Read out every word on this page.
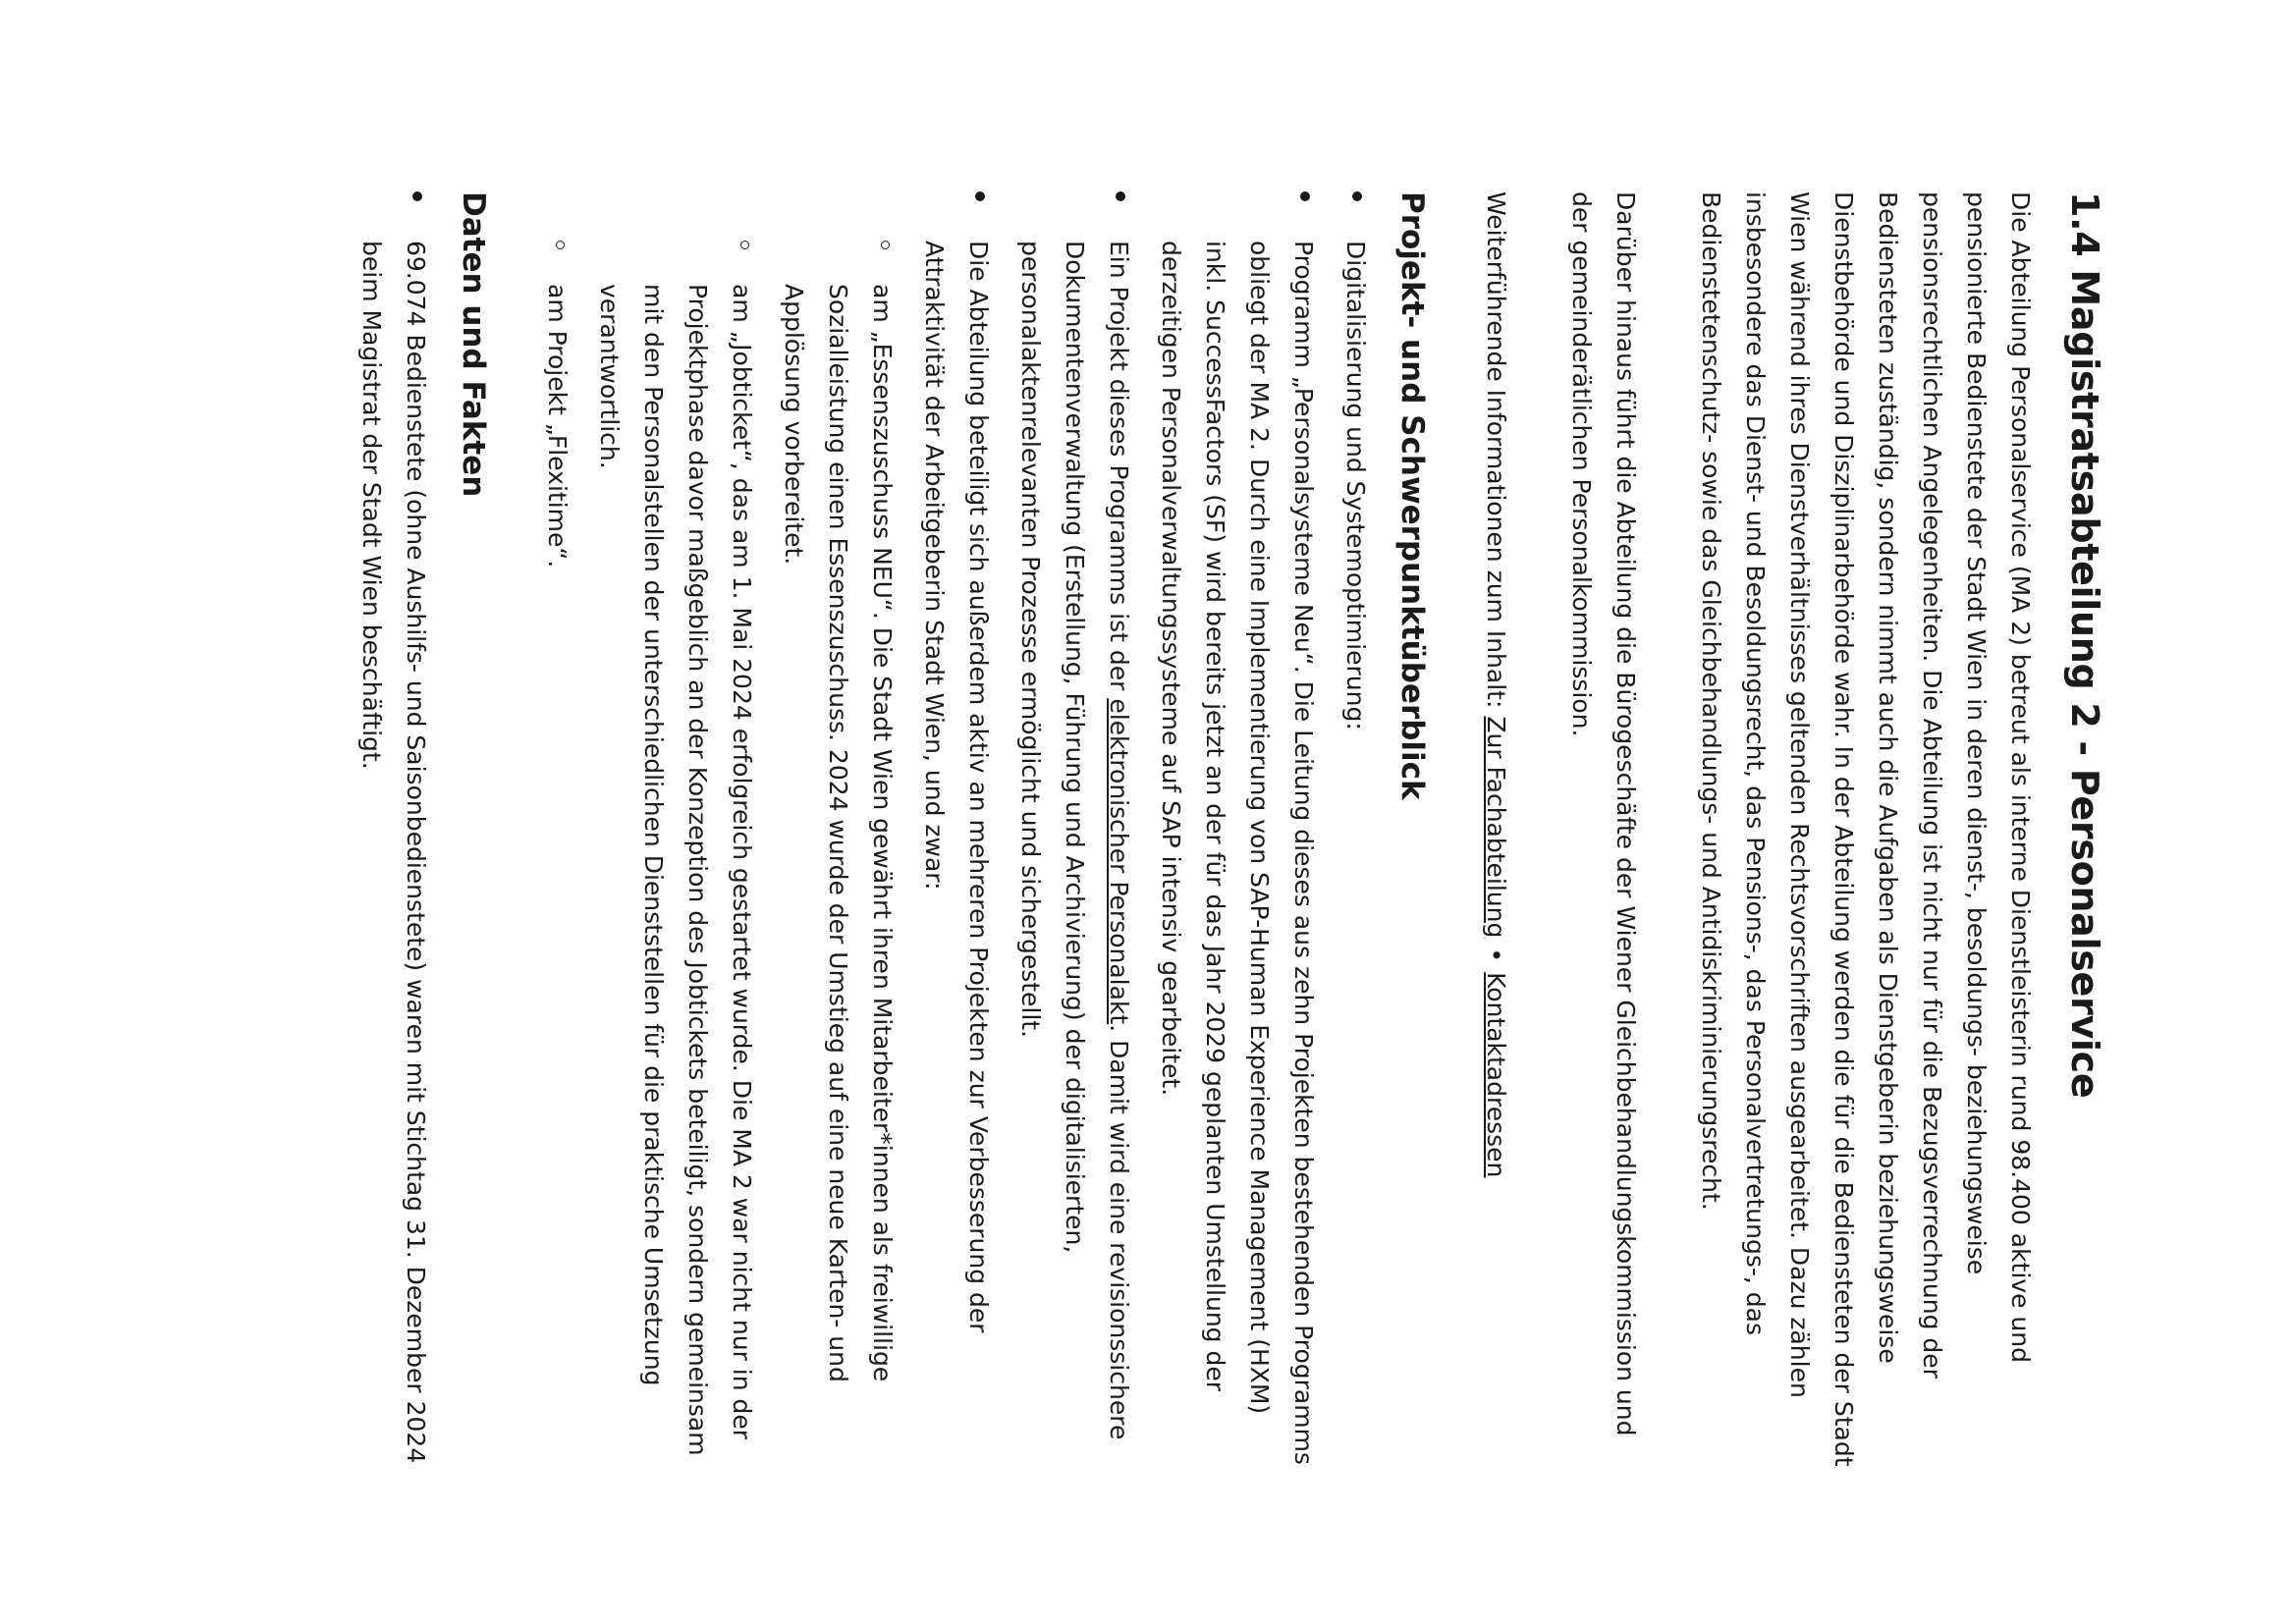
1.4 Magistratsabteilung 2 - Personalservice

Die Abteilung Personalservice (MA 2) betreut als interne Dienstleisterin rund 98.400 aktive und pensionierte Bedienstete der Stadt Wien in deren dienst-, besoldungs- beziehungsweise pensionsrechtlichen Angelegenheiten. Die Abteilung ist nicht nur für die Bezugsverrechnung der Bediensteten zuständig, sondern nimmt auch die Aufgaben als Dienstgeberin beziehungsweise Dienstbehörde und Disziplinarbehörde wahr. In der Abteilung werden die für die Bediensteten der Stadt Wien während ihres Dienstverhältnisses geltenden Rechtsvorschriften ausgearbeitet. Dazu zählen insbesondere das Dienst- und Besoldungsrecht, das Pensions-, das Personalvertretungs-, das Bedienstetenschutz- sowie das Gleichbehandlungs- und Antidiskriminierungsrecht.

Darüber hinaus führt die Abteilung die Bürogeschäfte der Wiener Gleichbehandlungskommission und der gemeinderätlichen Personalkommission.

Weiterführende Informationen zum Inhalt: Zur Fachabteilung•Kontaktadressen

Projekt- und Schwerpunktüberblick
Digitalisierung und Systemoptimierung:
Programm „Personalsysteme Neu“. Die Leitung dieses aus zehn Projekten bestehenden Programms obliegt der MA 2. Durch eine Implementierung von SAP-Human Experience Management (HXM) inkl. SuccessFactors (SF) wird bereits jetzt an der für das Jahr 2029 geplanten Umstellung der derzeitigen Personalverwaltungssysteme auf SAP intensiv gearbeitet.
Ein Projekt dieses Programms ist der elektronischer Personalakt. Damit wird eine revisionssichere Dokumentenverwaltung (Erstellung, Führung und Archivierung) der digitalisierten, personalaktenrelevanten Prozesse ermöglicht und sichergestellt.
Die Abteilung beteiligt sich außerdem aktiv an mehreren Projekten zur Verbesserung der Attraktivität der Arbeitgeberin Stadt Wien, und zwar:
am „Essenszuschuss NEU“. Die Stadt Wien gewährt ihren Mitarbeiter*innen als freiwillige Sozialleistung einen Essenszuschuss. 2024 wurde der Umstieg auf eine neue Karten- und Applösung vorbereitet.
am „Jobticket“, das am 1. Mai 2024 erfolgreich gestartet wurde. Die MA 2 war nicht nur in der Projektphase davor maßgeblich an der Konzeption des Jobtickets beteiligt, sondern gemeinsam mit den Personalstellen der unterschiedlichen Dienststellen für die praktische Umsetzung verantwortlich.
am Projekt „Flexitime“.
Daten und Fakten
69.074 Bedienstete (ohne Aushilfs- und Saisonbedienstete) waren mit Stichtag 31. Dezember 2024 beim Magistrat der Stadt Wien beschäftigt.
